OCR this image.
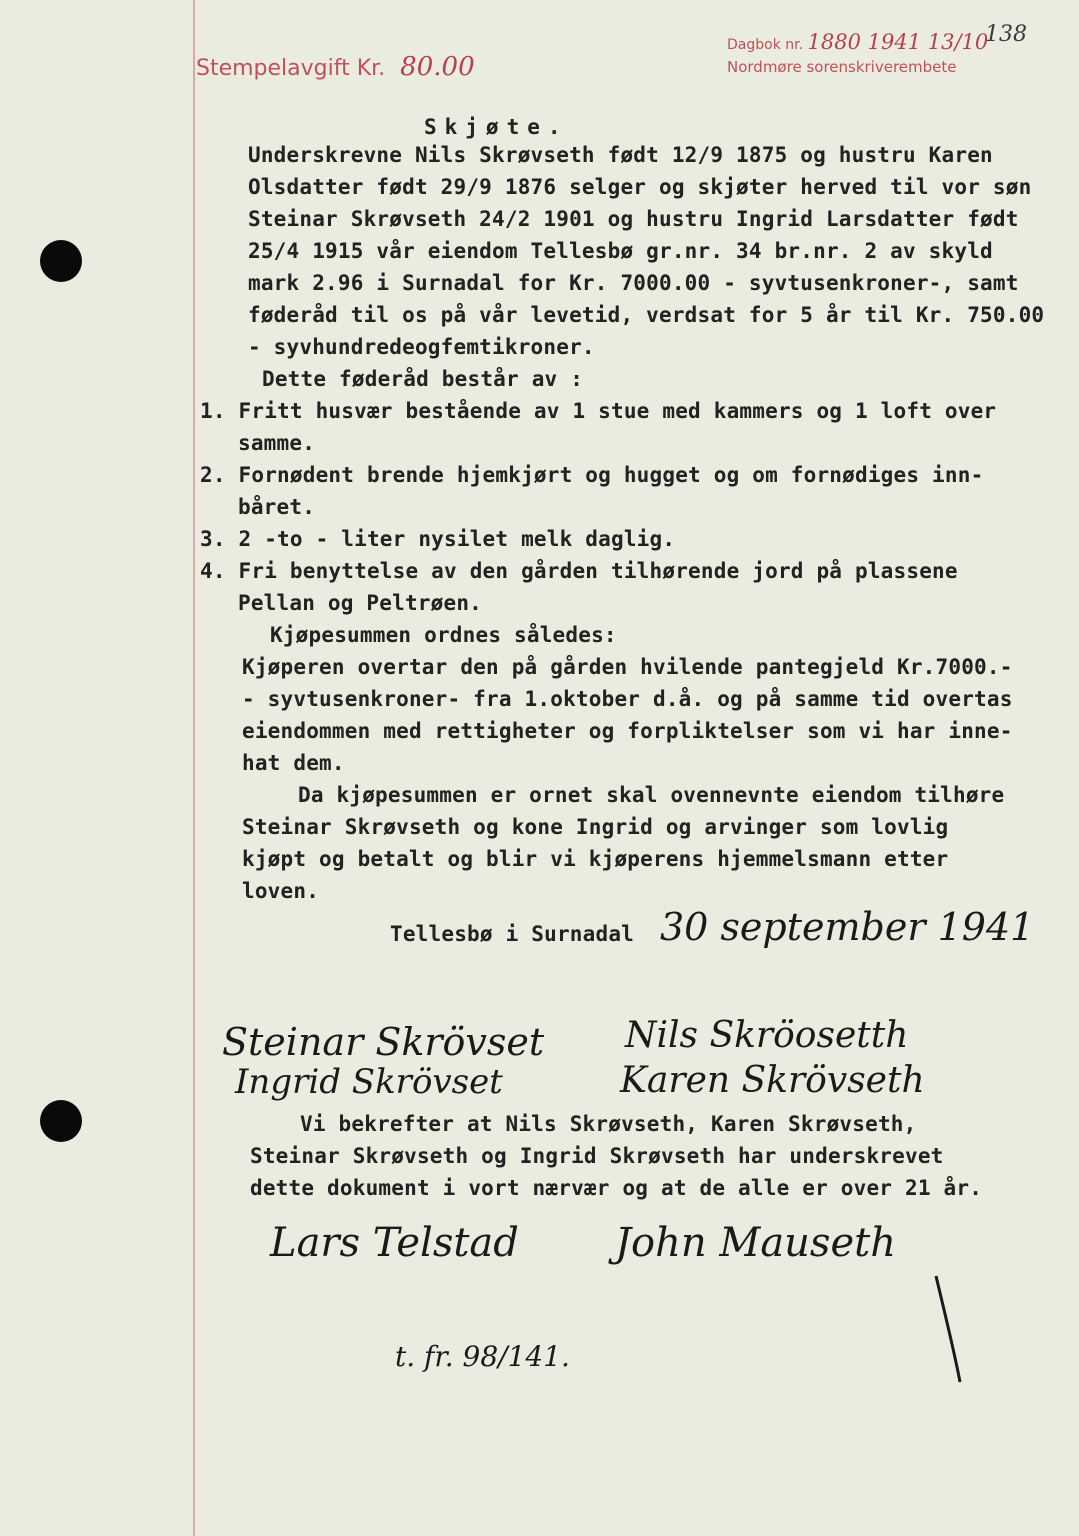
Stempelavgift Kr. 80.00
Dagbok nr. 1880 1941 13/10
Nordmøre sorenskriverembete
138
Skjøte.
Underskrevne Nils Skrøvseth født 12/9 1875 og hustru Karen
Olsdatter født 29/9 1876 selger og skjøter herved til vor søn
Steinar Skrøvseth 24/2 1901 og hustru Ingrid Larsdatter født
25/4 1915 vår eiendom Tellesbø gr.nr. 34 br.nr. 2 av skyld
mark 2.96 i Surnadal for Kr. 7000.00 - syvtusenkroner-, samt
føderåd til os på vår levetid, verdsat for 5 år til Kr. 750.00
- syvhundredeogfemtikroner.
Dette føderåd består av :
1. Fritt husvær bestående av 1 stue med kammers og 1 loft over
samme.
2. Fornødent brende hjemkjørt og hugget og om fornødiges inn-
båret.
3. 2 -to - liter nysilet melk daglig.
4. Fri benyttelse av den gården tilhørende jord på plassene
Pellan og Peltrøen.
Kjøpesummen ordnes således:
Kjøperen overtar den på gården hvilende pantegjeld Kr.7000.-
- syvtusenkroner- fra 1.oktober d.å. og på samme tid overtas
eiendommen med rettigheter og forpliktelser som vi har inne-
hat dem.
Da kjøpesummen er ornet skal ovennevnte eiendom tilhøre
Steinar Skrøvseth og kone Ingrid og arvinger som lovlig
kjøpt og betalt og blir vi kjøperens hjemmelsmann etter
loven.
Tellesbø i Surnadal 30 september 1941
Steinar Skrövset Nils Skröosetth
Ingrid Skrövset	Karen Skrövseth
Vi bekrefter at Nils Skrøvseth, Karen Skrøvseth,
Steinar Skrøvseth og Ingrid Skrøvseth har underskrevet
dette dokument i vort nærvær og at de alle er over 21 år.
Lars Telstad John Mauseth
t. fr. 98/141.
